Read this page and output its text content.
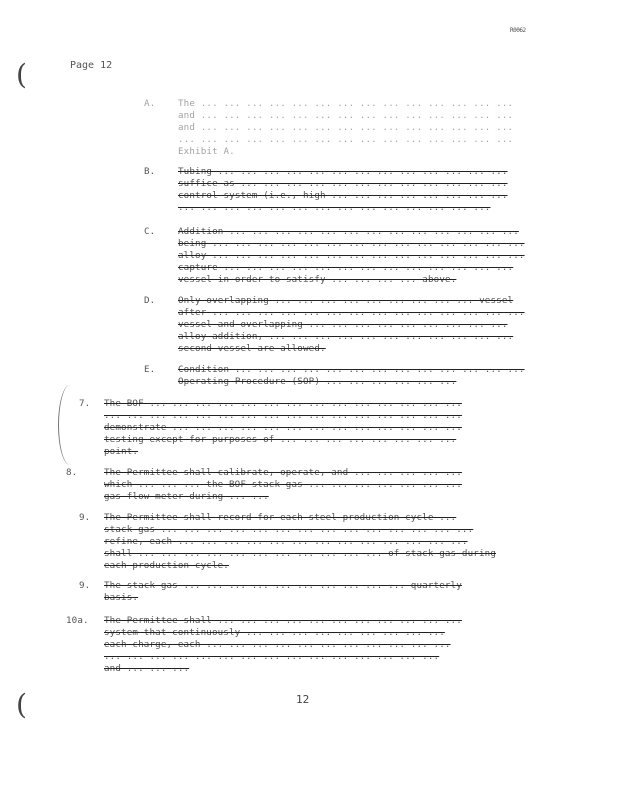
R0062
(
(
Page 12
A. The ... ... ... ... ... ... ... ... ... ... ... ... ... ...
and ... ... ... ... ... ... ... ... ... ... ... ... ... ...
and ... ... ... ... ... ... ... ... ... ... ... ... ... ...
... ... ... ... ... ... ... ... ... ... ... ... ... ... ...
Exhibit A.
B. Tubing ... ... ... ... ... ... ... ... ... ... ... ... ...
suffice as ... ... ... ... ... ... ... ... ... ... ... ...
control system (i.e., high ... ... ... ... ... ... ... ...
... ... ... ... ... ... ... ... ... ... ... ... ... ...
C. Addition ... ... ... ... ... ... ... ... ... ... ... ... ...
being ... ... ... ... ... ... ... ... ... ... ... ... ... ...
alloy ... ... ... ... ... ... ... ... ... ... ... ... ... ...
capture ... ... ... ... ... ... ... ... ... ... ... ... ...
vessel in order to satisfy ... ... ... ... above.
D. Only overlapping ... ... ... ... ... ... ... ... ... vessel
after ... ... ... ... ... ... ... ... ... ... ... ... ... ...
vessel and overlapping ... ... ... ... ... ... ... ... ...
alloy addition, ... ... ... ... ... ... ... ... ... ... ...
second vessel are allowed.
E. Condition ... ... ... ... ... ... ... ... ... ... ... ... ...
Operating Procedure (SOP) ... ... ... ... ... ...
7. The BOF ... ... ... ... ... ... ... ... ... ... ... ... ... ...
... ... ... ... ... ... ... ... ... ... ... ... ... ... ... ...
demonstrate ... ... ... ... ... ... ... ... ... ... ... ... ...
testing except for purposes of ... ... ... ... ... ... ... ...
point.
8.	The Permittee shall calibrate, operate, and ... ... ... ... ...
which ... ... ... the BOF stack gas ... ... ... ... ... ... ...
gas flow meter during ... ...
9. The Permittee shall record for each steel production cycle ...
stack gas ... ... ... ... ... ... ... ... ... ... ... ... ... ...
refine, each ... ... ... ... ... ... ... ... ... ... ... ... ...
shall ... ... ... ... ... ... ... ... ... ... ... of stack gas during
each production cycle.
9. The stack gas ... ... ... ... ... ... ... ... ... ... quarterly
basis.
10a. The Permittee shall ... ... ... ... ... ... ... ... ... ... ...
system that continuously ... ... ... ... ... ... ... ... ...
each charge, each ... ... ... ... ... ... ... ... ... ... ...
... ... ... ... ... ... ... ... ... ... ... ... ... ... ...
and ... ... ...
12
